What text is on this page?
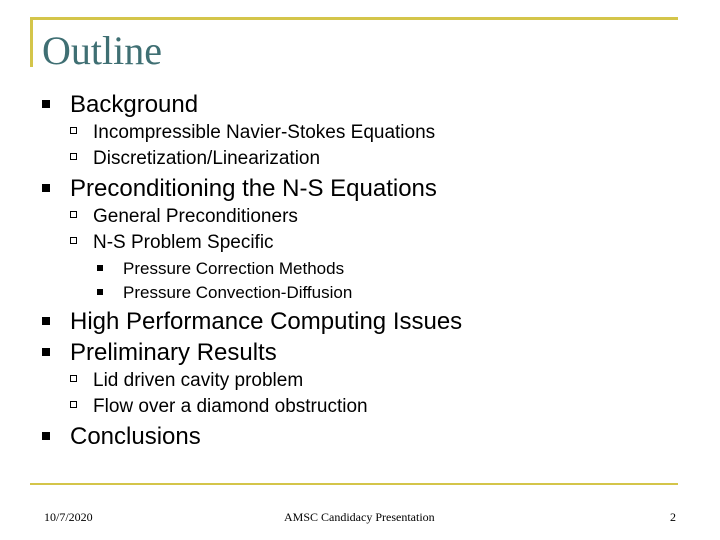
Outline
Background
Incompressible Navier-Stokes Equations
Discretization/Linearization
Preconditioning the N-S Equations
General Preconditioners
N-S Problem Specific
Pressure Correction Methods
Pressure Convection-Diffusion
High Performance Computing Issues
Preliminary Results
Lid driven cavity problem
Flow over a diamond obstruction
Conclusions
10/7/2020	AMSC Candidacy Presentation	2
